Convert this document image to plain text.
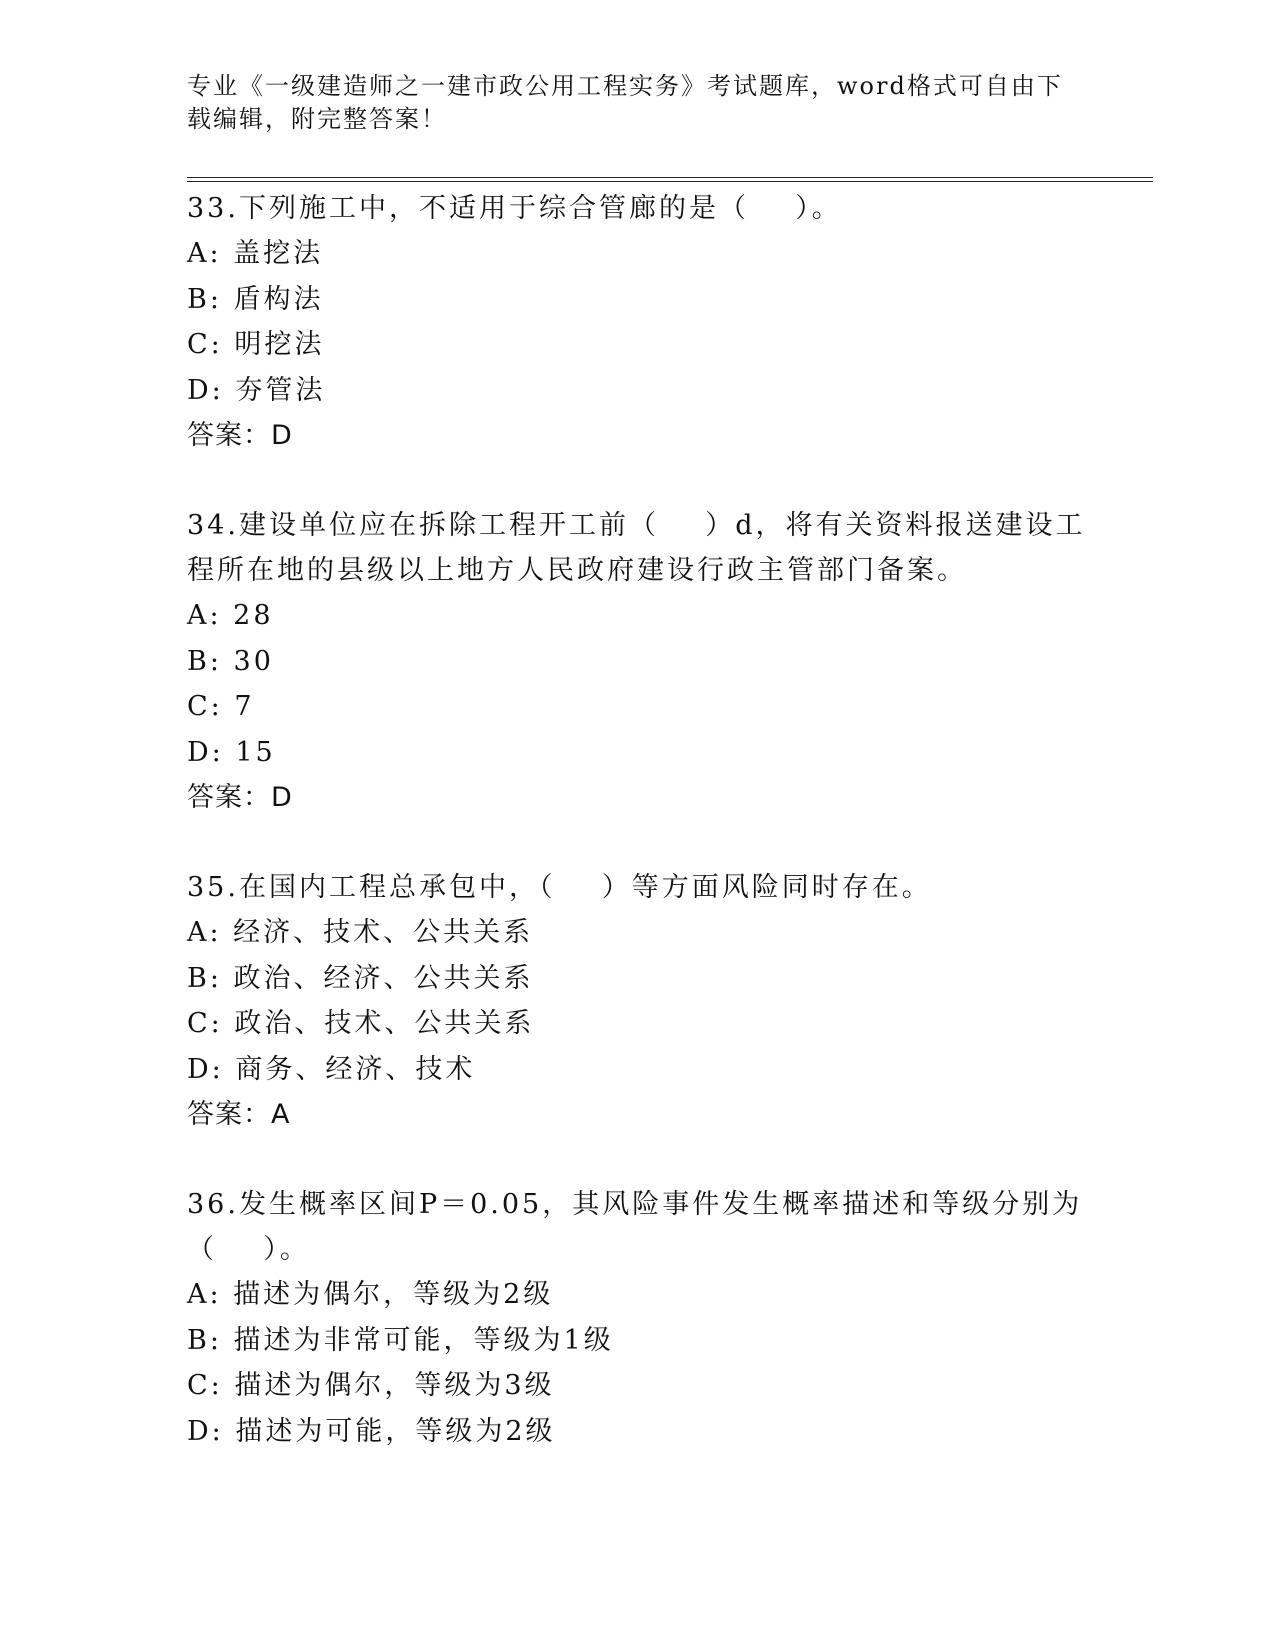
专业《一级建造师之一建市政公用工程实务》考试题库，word格式可自由下载编辑，附完整答案！
33.下列施工中，不适用于综合管廊的是（    ）。
A: 盖挖法
B: 盾构法
C: 明挖法
D: 夯管法
答案：D
34.建设单位应在拆除工程开工前（    ）d，将有关资料报送建设工程所在地的县级以上地方人民政府建设行政主管部门备案。
A: 28
B: 30
C: 7
D: 15
答案：D
35.在国内工程总承包中，（    ）等方面风险同时存在。
A: 经济、技术、公共关系
B: 政治、经济、公共关系
C: 政治、技术、公共关系
D: 商务、经济、技术
答案：A
36.发生概率区间P＝0.05，其风险事件发生概率描述和等级分别为（    ）。
A: 描述为偶尔，等级为2级
B: 描述为非常可能，等级为1级
C: 描述为偶尔，等级为3级
D: 描述为可能，等级为2级
